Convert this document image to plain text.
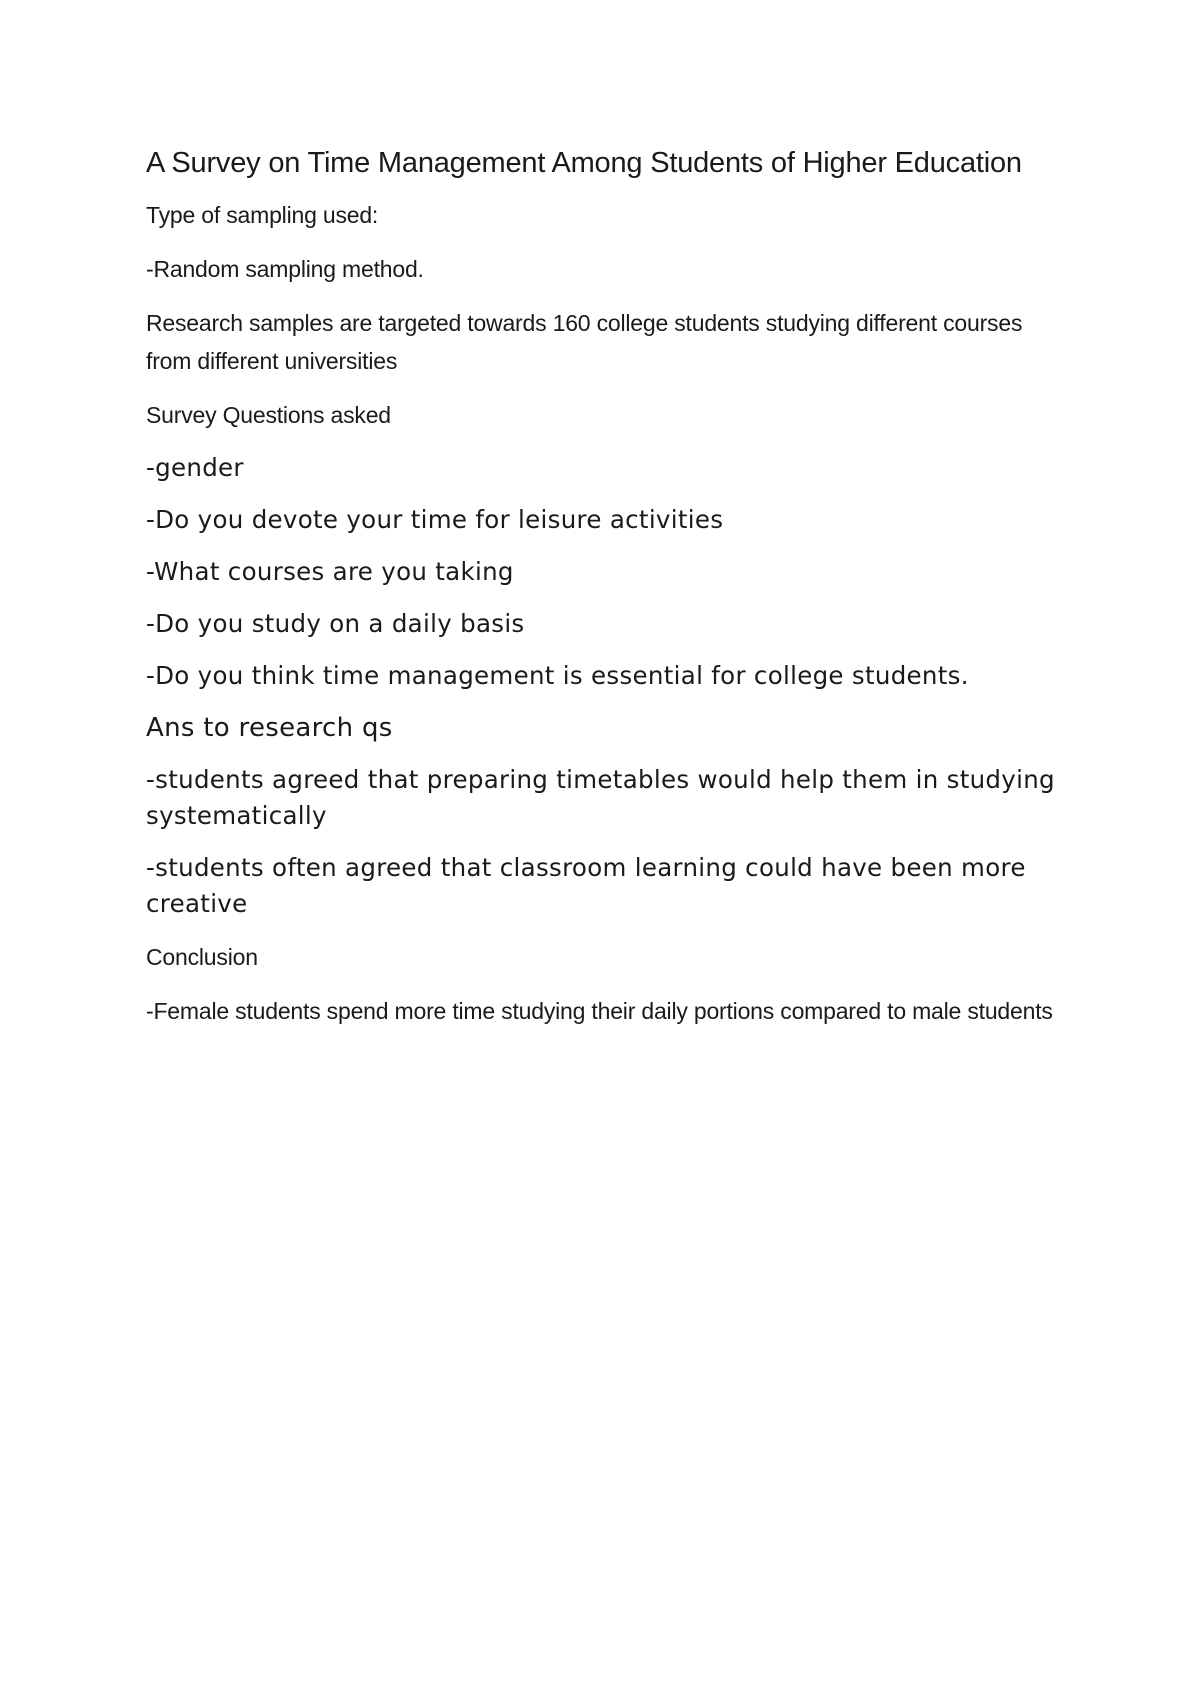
A Survey on Time Management Among Students of Higher Education

Type of sampling used:

-Random sampling method.

Research samples are targeted towards 160 college students studying different courses from different universities

Survey Questions asked

-gender

-Do you devote your time for leisure activities

-What courses are you taking

-Do you study on a daily basis

-Do you think time management is essential for college students.

Ans to research qs

-students agreed that preparing timetables would help them in studying systematically

-students often agreed that classroom learning could have been more creative

Conclusion

-Female students spend more time studying their daily portions compared to male students
